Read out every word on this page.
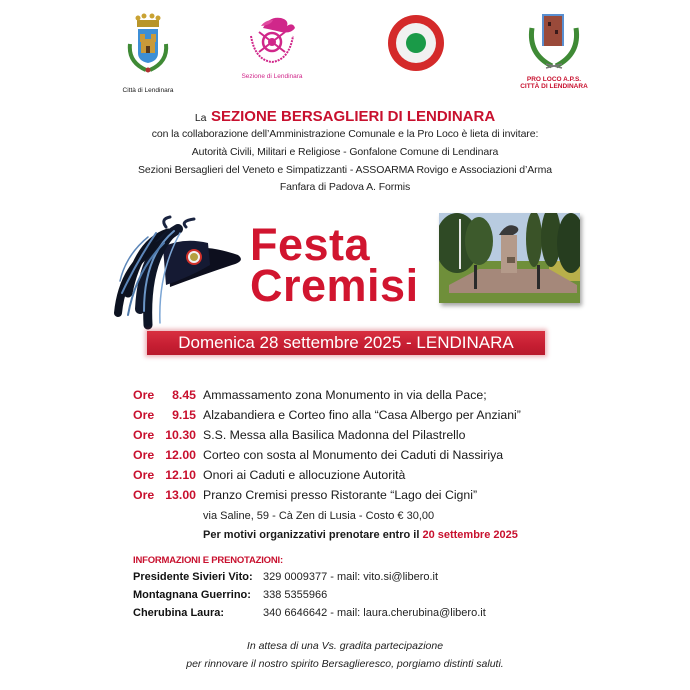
Città di Lendinara
Sezione di Lendinara	PRO LOCO A.P.S.
CITTÀ DI LENDINARA
La SEZIONE BERSAGLIERI DI LENDINARA
con la collaborazione dell’Amministrazione Comunale e la Pro Loco è lieta di invitare:
Autorità Civili, Militari e Religiose - Gonfalone Comune di Lendinara
Sezioni Bersaglieri del Veneto e Simpatizzanti - ASSOARMA Rovigo e Associazioni d’Arma
Fanfara di Padova A. Formis
Festa
Cremisi
Domenica 28 settembre 2025 - LENDINARA
Ore	8.45 Ammassamento zona Monumento in via della Pace;
Ore	9.15 Alzabandiera e Corteo fino alla “Casa Albergo per Anziani”
Ore 10.30 S.S. Messa alla Basilica Madonna del Pilastrello
Ore 12.00 Corteo con sosta al Monumento dei Caduti di Nassiriya
Ore 12.10 Onori ai Caduti e allocuzione Autorità
Ore 13.00 Pranzo Cremisi presso Ristorante “Lago dei Cigni”
via Saline, 59 - Cà Zen di Lusia - Costo € 30,00
Per motivi organizzativi prenotare entro il 20 settembre 2025
INFORMAZIONI E PRENOTAZIONI:
Presidente Sivieri Vito: 329 0009377 - mail: vito.si@libero.it
Montagnana Guerrino: 338 5355966
Cherubina Laura:	340 6646642 - mail: laura.cherubina@libero.it
In attesa di una Vs. gradita partecipazione
per rinnovare il nostro spirito Bersaglieresco, porgiamo distinti saluti.
